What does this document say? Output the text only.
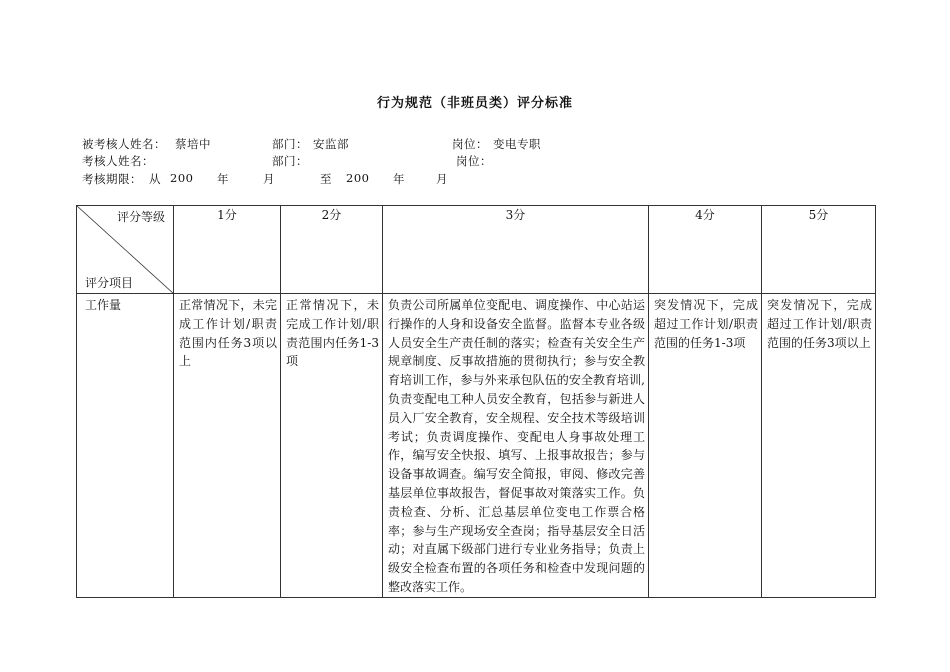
行为规范（非班员类）评分标准
被考核人姓名： 蔡培中	部门： 安监部	岗位： 变电专职
考核人姓名：	部门：	岗位：
考核期限： 从 200 年	月	至 200 年	月
评分等级
评分项目	1分	2分	3分	4分	5分

工作量	正常情况下，未完成工作计划/职责范围内任务3项以上	正常情况下，未完成工作计划/职责范围内任务1-3项	负责公司所属单位变配电、调度操作、中心站运行操作的人身和设备安全监督。监督本专业各级人员安全生产责任制的落实；检查有关安全生产规章制度、反事故措施的贯彻执行；参与安全教育培训工作，参与外来承包队伍的安全教育培训,负责变配电工种人员安全教育，包括参与新进人员入厂安全教育，安全规程、安全技术等级培训考试；负责调度操作、变配电人身事故处理工作，编写安全快报、填写、上报事故报告；参与设备事故调查。编写安全简报，审阅、修改完善基层单位事故报告，督促事故对策落实工作。负责检查、分析、汇总基层单位变电工作票合格率；参与生产现场安全查岗；指导基层安全日活动；对直属下级部门进行专业业务指导；负责上级安全检查布置的各项任务和检查中发现问题的整改落实工作。	突发情况下，完成超过工作计划/职责范围的任务1-3项	突发情况下，完成超过工作计划/职责范围的任务3项以上
